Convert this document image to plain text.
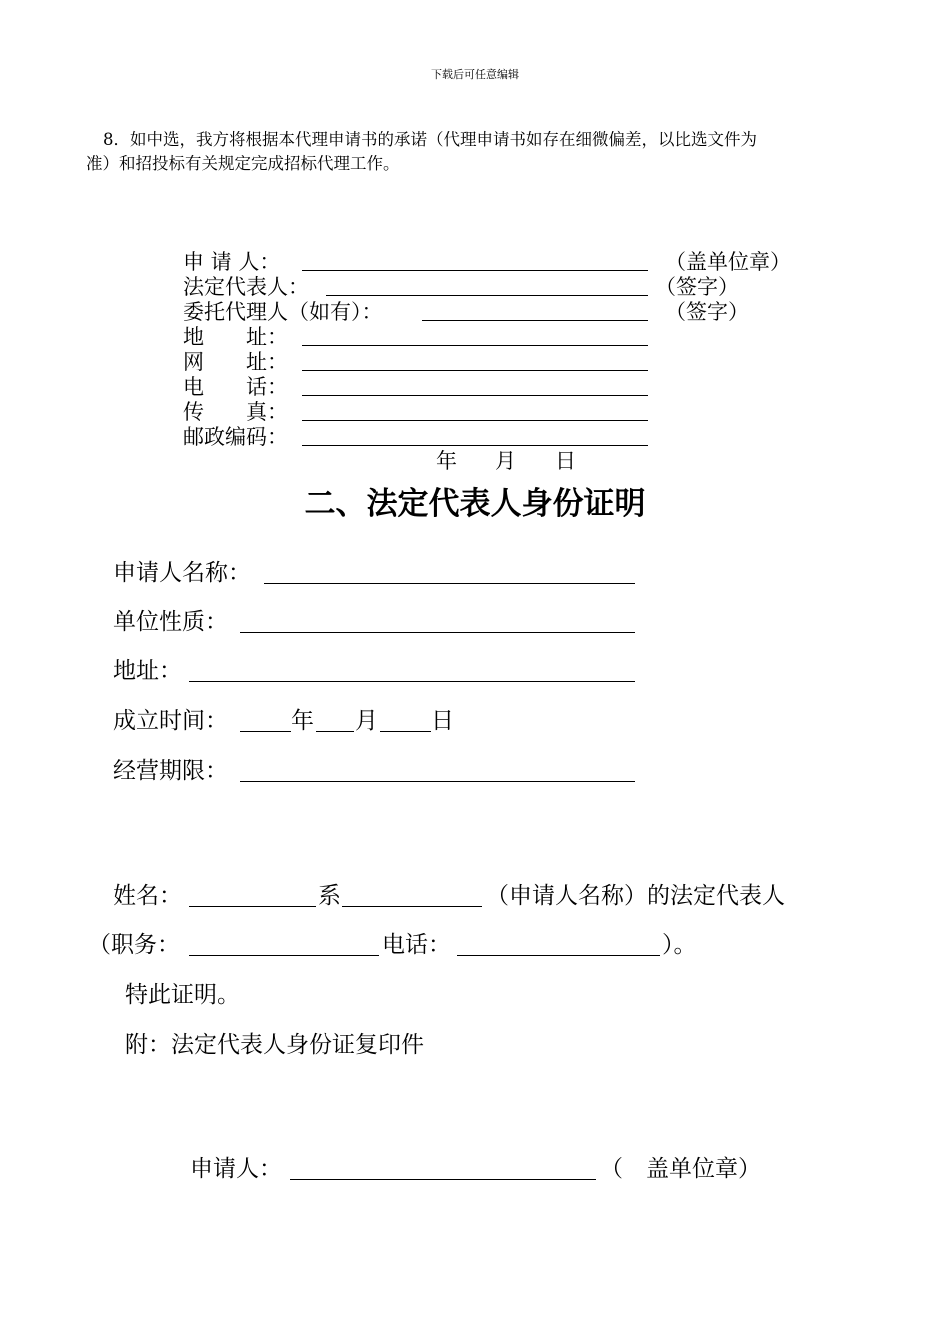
下载后可任意编辑
8．如中选，我方将根据本代理申请书的承诺（代理申请书如存在细微偏差，以比选文件为
准）和招投标有关规定完成招标代理工作。
申 请 人：	（盖单位章）
法定代表人：	（签字）
委托代理人（如有）：	（签字）
地　　址：
网　　址：
电　　话：
传　　真：
邮政编码：
年 月 日
二、法定代表人身份证明
申请人名称：
单位性质：
地址：
成立时间：	年 月 日
经营期限：
姓名：	系	（申请人名称）的法定代表人
（职务：	电话：	）。
特此证明。
附：法定代表人身份证复印件
申请人：	（　盖单位章）
